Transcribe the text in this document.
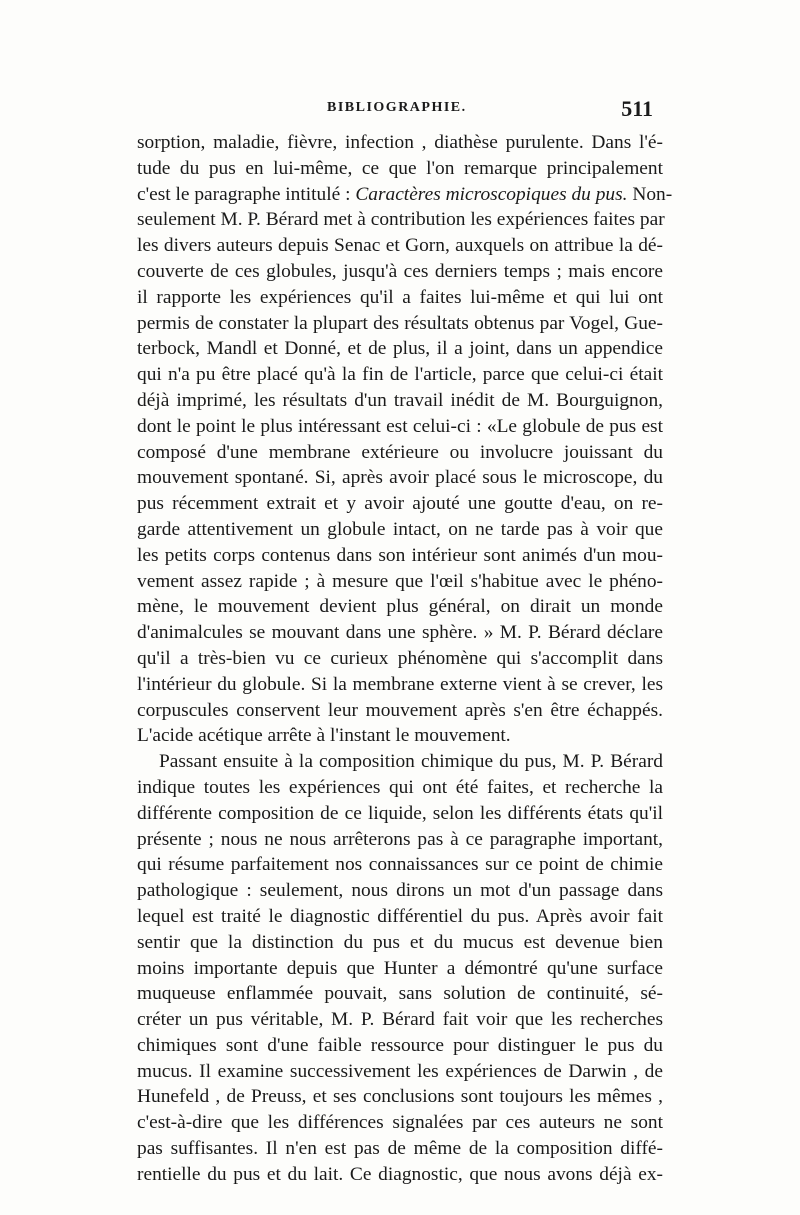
BIBLIOGRAPHIE.	511
sorption, maladie, fièvre, infection , diathèse purulente. Dans l'é-
tude du pus en lui-même, ce que l'on remarque principalement
c'est le paragraphe intitulé : Caractères microscopiques du pus. Non-
seulement M. P. Bérard met à contribution les expériences faites par
les divers auteurs depuis Senac et Gorn, auxquels on attribue la dé-
couverte de ces globules, jusqu'à ces derniers temps ; mais encore
il rapporte les expériences qu'il a faites lui-même et qui lui ont
permis de constater la plupart des résultats obtenus par Vogel, Gue-
terbock, Mandl et Donné, et de plus, il a joint, dans un appendice
qui n'a pu être placé qu'à la fin de l'article, parce que celui-ci était
déjà imprimé, les résultats d'un travail inédit de M. Bourguignon,
dont le point le plus intéressant est celui-ci : «Le globule de pus est
composé d'une membrane extérieure ou involucre jouissant du
mouvement spontané. Si, après avoir placé sous le microscope, du
pus récemment extrait et y avoir ajouté une goutte d'eau, on re-
garde attentivement un globule intact, on ne tarde pas à voir que
les petits corps contenus dans son intérieur sont animés d'un mou-
vement assez rapide ; à mesure que l'œil s'habitue avec le phéno-
mène, le mouvement devient plus général, on dirait un monde
d'animalcules se mouvant dans une sphère. » M. P. Bérard déclare
qu'il a très-bien vu ce curieux phénomène qui s'accomplit dans
l'intérieur du globule. Si la membrane externe vient à se crever, les
corpuscules conservent leur mouvement après s'en être échappés.
L'acide acétique arrête à l'instant le mouvement.
Passant ensuite à la composition chimique du pus, M. P. Bérard
indique toutes les expériences qui ont été faites, et recherche la
différente composition de ce liquide, selon les différents états qu'il
présente ; nous ne nous arrêterons pas à ce paragraphe important,
qui résume parfaitement nos connaissances sur ce point de chimie
pathologique : seulement, nous dirons un mot d'un passage dans
lequel est traité le diagnostic différentiel du pus. Après avoir fait
sentir que la distinction du pus et du mucus est devenue bien
moins importante depuis que Hunter a démontré qu'une surface
muqueuse enflammée pouvait, sans solution de continuité, sé-
créter un pus véritable, M. P. Bérard fait voir que les recherches
chimiques sont d'une faible ressource pour distinguer le pus du
mucus. Il examine successivement les expériences de Darwin , de
Hunefeld , de Preuss, et ses conclusions sont toujours les mêmes ,
c'est-à-dire que les différences signalées par ces auteurs ne sont
pas suffisantes. Il n'en est pas de même de la composition diffé-
rentielle du pus et du lait. Ce diagnostic, que nous avons déjà ex-
